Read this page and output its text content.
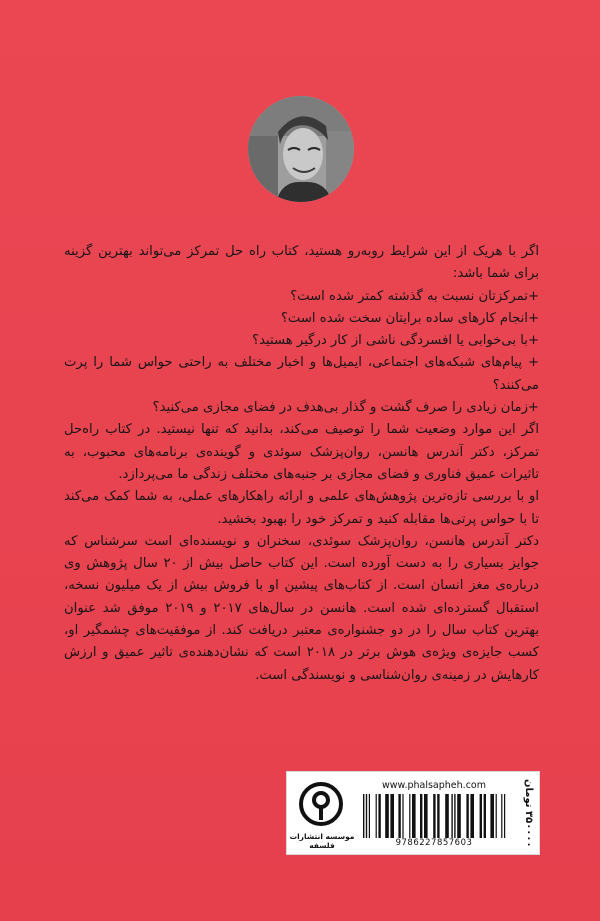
اگر با هریک از این شرایط روبه‌رو هستید، کتاب راه حل تمرکز می‌تواند بهترین گزینه برای شما باشد:

+تمرکزتان نسبت به گذشته کمتر شده است؟

+انجام کارهای ساده برایتان سخت شده است؟

+با بی‌خوابی یا افسردگی ناشی از کار درگیر هستید؟

+ پیام‌های شبکه‌های اجتماعی، ایمیل‌ها و اخبار مختلف به راحتی حواس شما را پرت می‌کنند؟

+زمان زیادی را صرف گشت و گذار بی‌هدف در فضای مجازی می‌کنید؟

اگر این موارد وضعیت شما را توصیف می‌کند، بدانید که تنها نیستید. در کتاب راه‌حل تمرکز، دکتر آندرس هانسن، روان‌پزشک سوئدی و گوینده‌ی برنامه‌های محبوب، به تاثیرات عمیق فناوری و فضای مجازی بر جنبه‌های مختلف زندگی ما می‌پردازد.

او با بررسی تازه‌ترین پژوهش‌های علمی و ارائه راهکارهای عملی، به شما کمک می‌کند تا با حواس پرتی‌ها مقابله کنید و تمرکز خود را بهبود بخشید.

دکتر آندرس هانسن، روان‌پزشک سوئدی، سخنران و نویسنده‌ای است سرشناس که جوایز بسیاری را به دست آورده است. این کتاب حاصل بیش از ۲۰ سال پژوهش وی درباره‌ی مغز انسان است. از کتاب‌های پیشین او با فروش بیش از یک میلیون نسخه، استقبال گسترده‌ای شده است. هانسن در سال‌های ۲۰۱۷ و ۲۰۱۹ موفق شد عنوان بهترین کتاب سال را در دو جشنواره‌ی معتبر دریافت کند. از موفقیت‌های چشمگیر او، کسب جایزه‌ی ویژه‌ی هوش برتر در ۲۰۱۸ است که نشان‌دهنده‌ی تاثیر عمیق و ارزش کارهایش در زمینه‌ی روان‌شناسی و نویسندگی است.

موسسه انتشارات فلسفه
www.phalsapheh.com
9786227857603
۳۵۰۰۰۰ تومان
